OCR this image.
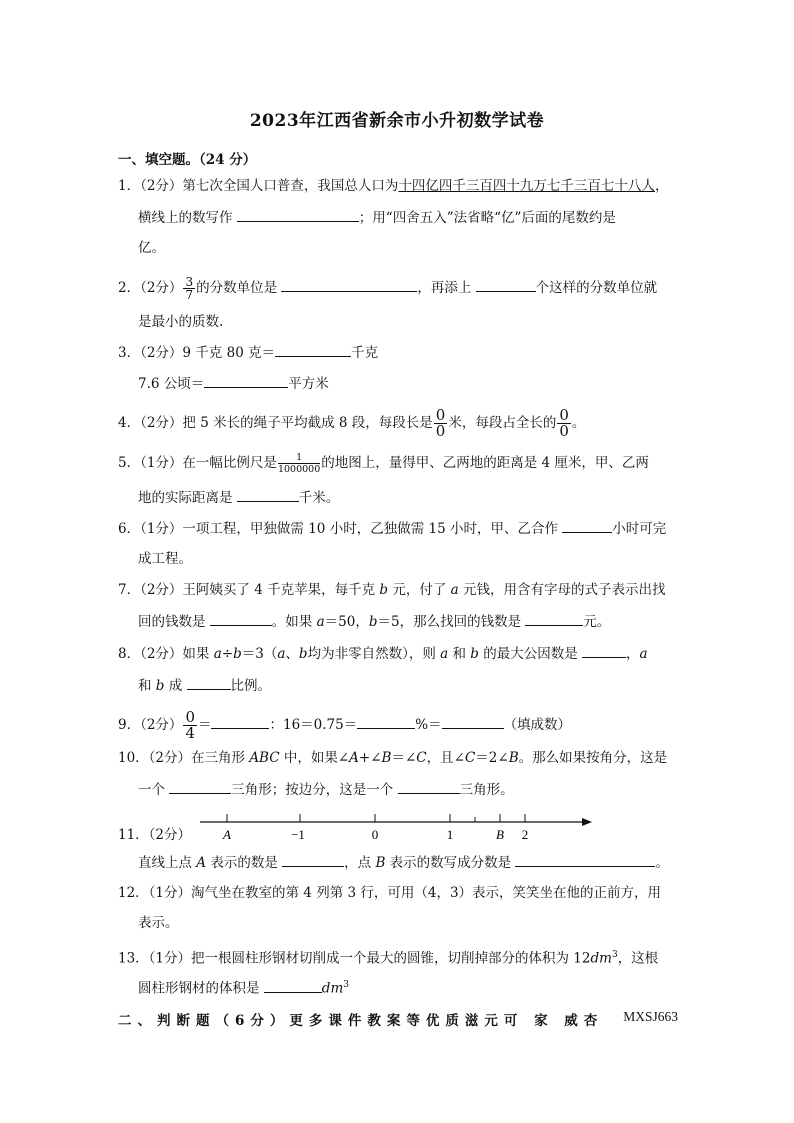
2023年江西省新余市小升初数学试卷
一、填空题。（24 分）
1．（2分）第七次全国人口普查，我国总人口为十四亿四千三百四十九万七千三百七十八人，
横线上的数写作	；用“四舍五入”法省略“亿”后面的尾数约是
亿。
2．（2分） $\frac{3}{7}$ 的分数单位是	，再添上	个这样的分数单位就
是最小的质数.
3．（2分）9 千克 80 克＝	千克
7.6 公顷＝	平方米
4．（2分）把 5 米长的绳子平均截成 8 段，每段长是 $\frac{0}{0}$ 米，每段占全长的 $\frac{0}{0}$ 。
5．（1分）在一幅比例尺是 $\frac{1}{1000000}$ 的地图上，量得甲、乙两地的距离是 4 厘米，甲、乙两
地的实际距离是	千米。
6．（1分）一项工程，甲独做需 10 小时，乙独做需 15 小时，甲、乙合作	小时可完
成工程。
7．（2分）王阿姨买了 4 千克苹果，每千克 b 元，付了 a 元钱，用含有字母的式子表示出找
回的钱数是	。如果 a＝50，b＝5，那么找回的钱数是	元。
8．（2分）如果 a÷b＝3（a、b均为非零自然数），则 a 和 b 的最大公因数是	，a
和 b 成	比例。
9．（2分） $\frac{0}{4}$ ＝	：16＝0.75＝	%＝	（填成数）
10．（2分）在三角形 ABC 中，如果∠A+∠B＝∠C，且∠C＝2∠B。那么如果按角分，这是
一个	三角形；按边分，这是一个	三角形。
11．（2分） A	−1	0	1	B 2
直线上点 A 表示的数是	，点 B 表示的数写成分数是	。
12．（1分）淘气坐在教室的第 4 列第 3 行，可用（4，3）表示，笑笑坐在他的正前方，用
表示。
13．（1分）把一根圆柱形钢材切削成一个最大的圆锥，切削掉部分的体积为 $12dm^3$，这根
圆柱形钢材的体积是	$dm^3$
二、判断题（6分）更多课件教案等优质滋元可 家 威杏 MXSJ663
